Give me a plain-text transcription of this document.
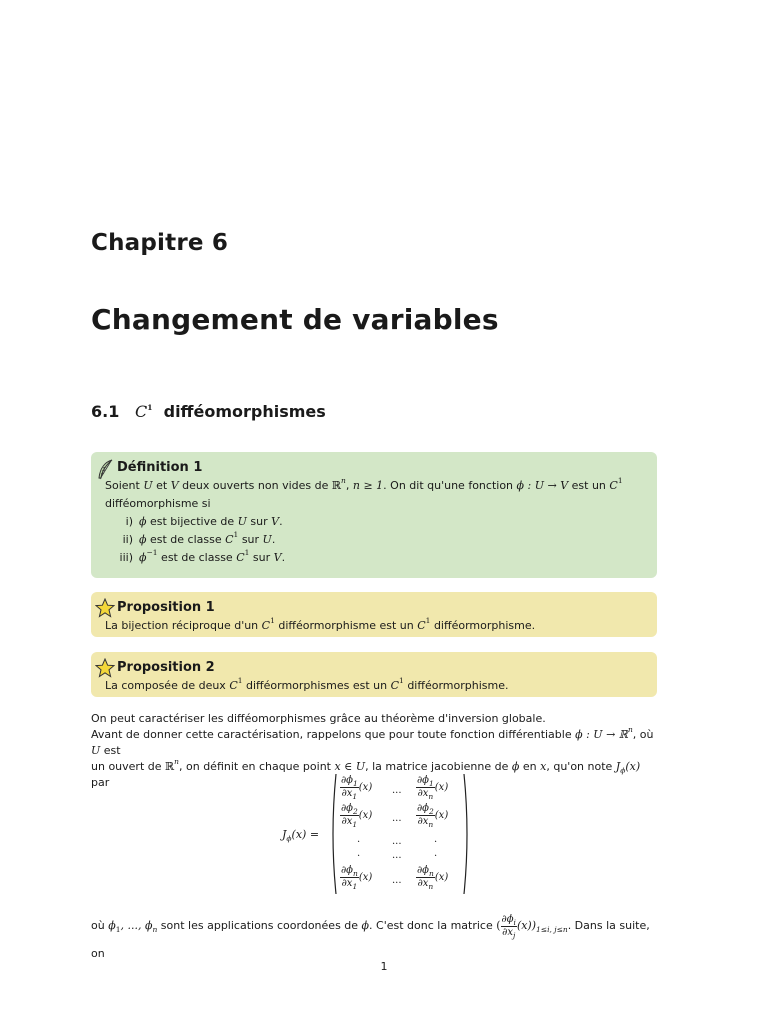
Chapitre 6
Changement de variables
6.1 $C^1$ difféomorphismes
Définition 1
Soient U et V deux ouverts non vides de ℝ$^n$, n ≥ 1. On dit qu'une fonction ϕ : U → V est un $C^1$
difféomorphisme si
i) ϕ est bijective de U sur V.
ii) ϕ est de classe $C^1$ sur U.
iii) $\phi^{-1}$ est de classe $C^1$ sur V.
Proposition 1
La bijection réciproque d'un $C^1$ difféormorphisme est un $C^1$ difféormorphisme.
Proposition 2
La composée de deux $C^1$ difféormorphismes est un $C^1$ difféormorphisme.
On peut caractériser les difféomorphismes grâce au théorème d'inversion globale.
Avant de donner cette caractérisation, rappelons que pour toute fonction différentiable ϕ : U → ℝ$^n$, où U est
un ouvert de ℝ$^n$, on définit en chaque point x ∈ U, la matrice jacobienne de ϕ en x, qu'on note $J_\phi(x)$ par
$J_\phi(x)$ =
$\frac{\partial\phi_1}{\partial x_1} (x)$ ... $\frac{\partial\phi_1}{\partial x_n} (x)$
$\frac{\partial\phi_2}{\partial x_1} (x)$ ... $\frac{\partial\phi_2}{\partial x_n} (x)$
.	...	.
.	...	.
$\frac{\partial\phi_n}{\partial x_1} (x)$ ... $\frac{\partial\phi_n}{\partial x_n} (x)$
où $\phi_1$, ..., $\phi_n$ sont les applications coordonées de ϕ. C'est donc la matrice ( $\frac{\partial\phi_i}{\partial x_j} (x))_{1\le i, j\le n}$. Dans la suite, on
1
